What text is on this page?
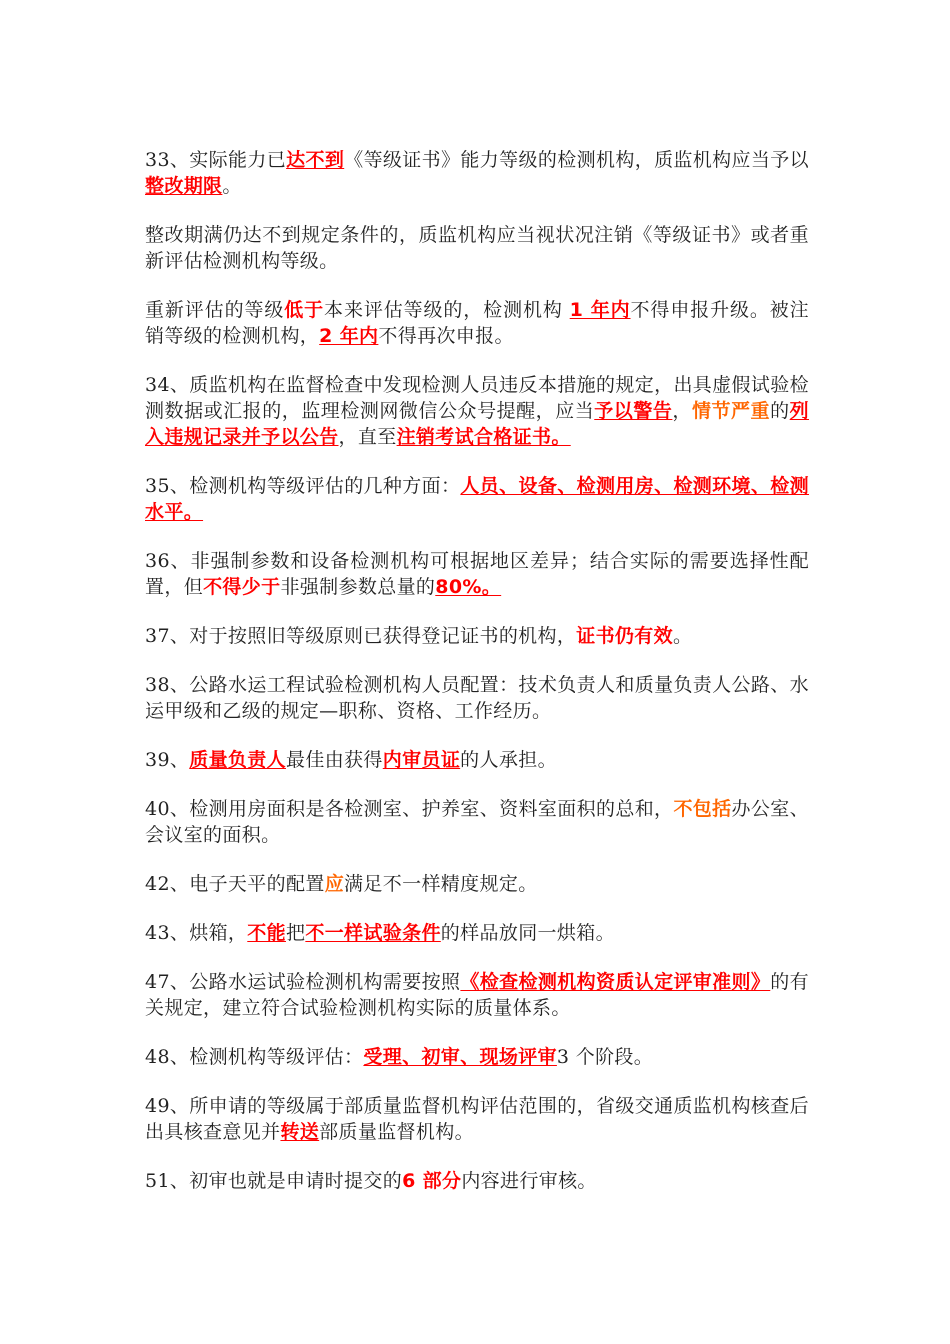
33、实际能力已达不到《等级证书》能力等级的检测机构，质监机构应当予以整改期限。

整改期满仍达不到规定条件的，质监机构应当视状况注销《等级证书》或者重新评估检测机构等级。

重新评估的等级低于本来评估等级的，检测机构 1 年内不得申报升级。被注销等级的检测机构，2 年内不得再次申报。

34、质监机构在监督检查中发现检测人员违反本措施的规定，出具虚假试验检测数据或汇报的，监理检测网微信公众号提醒，应当予以警告，情节严重的列入违规记录并予以公告，直至注销考试合格证书。

35、检测机构等级评估的几种方面：人员、设备、检测用房、检测环境、检测水平。

36、非强制参数和设备检测机构可根据地区差异；结合实际的需要选择性配置，但不得少于非强制参数总量的80%。

37、对于按照旧等级原则已获得登记证书的机构，证书仍有效。

38、公路水运工程试验检测机构人员配置：技术负责人和质量负责人公路、水运甲级和乙级的规定—职称、资格、工作经历。

39、质量负责人最佳由获得内审员证的人承担。

40、检测用房面积是各检测室、护养室、资料室面积的总和，不包括办公室、会议室的面积。

42、电子天平的配置应满足不一样精度规定。

43、烘箱，不能把不一样试验条件的样品放同一烘箱。

47、公路水运试验检测机构需要按照《检查检测机构资质认定评审准则》的有关规定，建立符合试验检测机构实际的质量体系。

48、检测机构等级评估：受理、初审、现场评审3 个阶段。

49、所申请的等级属于部质量监督机构评估范围的，省级交通质监机构核查后出具核查意见并转送部质量监督机构。

51、初审也就是申请时提交的6 部分内容进行审核。
